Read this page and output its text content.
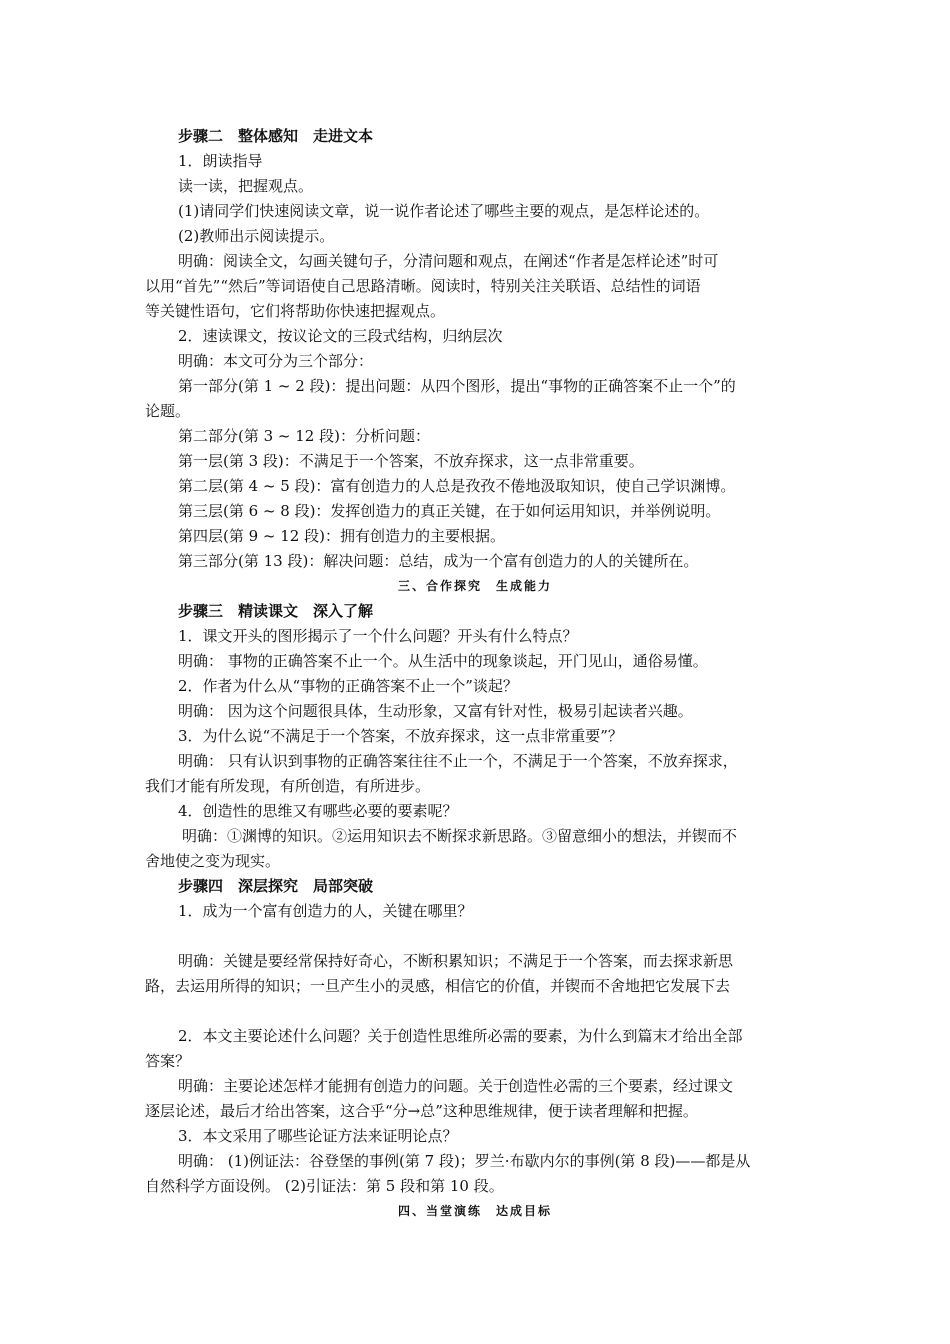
步骤二　整体感知　走进文本
1．朗读指导
读一读，把握观点。
(1)请同学们快速阅读文章，说一说作者论述了哪些主要的观点，是怎样论述的。
(2)教师出示阅读提示。
明确：阅读全文，勾画关键句子，分清问题和观点，在阐述“作者是怎样论述”时可
以用“首先”“然后”等词语使自己思路清晰。阅读时，特别关注关联语、总结性的词语
等关键性语句，它们将帮助你快速把握观点。
2．速读课文，按议论文的三段式结构，归纳层次
明确：本文可分为三个部分：
第一部分(第 1 ~ 2 段)：提出问题：从四个图形，提出“事物的正确答案不止一个”的
论题。
第二部分(第 3 ~ 12 段)：分析问题：
第一层(第 3 段)：不满足于一个答案，不放弃探求，这一点非常重要。
第二层(第 4 ~ 5 段)：富有创造力的人总是孜孜不倦地汲取知识，使自己学识渊博。
第三层(第 6 ~ 8 段)：发挥创造力的真正关键，在于如何运用知识，并举例说明。
第四层(第 9 ~ 12 段)：拥有创造力的主要根据。
第三部分(第 13 段)：解决问题：总结，成为一个富有创造力的人的关键所在。
三、合作探究　生成能力
步骤三　精读课文　深入了解
1．课文开头的图形揭示了一个什么问题？开头有什么特点？
明确： 事物的正确答案不止一个。从生活中的现象谈起，开门见山，通俗易懂。
2．作者为什么从“事物的正确答案不止一个”谈起？
明确： 因为这个问题很具体，生动形象，又富有针对性，极易引起读者兴趣。
3．为什么说“不满足于一个答案，不放弃探求，这一点非常重要”？
明确： 只有认识到事物的正确答案往往不止一个，不满足于一个答案，不放弃探求，
我们才能有所发现，有所创造，有所进步。
4．创造性的思维又有哪些必要的要素呢？
明确：①渊博的知识。②运用知识去不断探求新思路。③留意细小的想法，并锲而不
舍地使之变为现实。
步骤四　深层探究　局部突破
1．成为一个富有创造力的人，关键在哪里？
明确：关键是要经常保持好奇心，不断积累知识；不满足于一个答案，而去探求新思
路，去运用所得的知识；一旦产生小的灵感，相信它的价值，并锲而不舍地把它发展下去
2．本文主要论述什么问题？关于创造性思维所必需的要素，为什么到篇末才给出全部
答案？
明确：主要论述怎样才能拥有创造力的问题。关于创造性必需的三个要素，经过课文
逐层论述，最后才给出答案，这合乎“分→总”这种思维规律，便于读者理解和把握。
3．本文采用了哪些论证方法来证明论点？
明确： (1)例证法：谷登堡的事例(第 7 段)；罗兰·布歇内尔的事例(第 8 段)——都是从
自然科学方面设例。 (2)引证法：第 5 段和第 10 段。
四、当堂演练　达成目标
